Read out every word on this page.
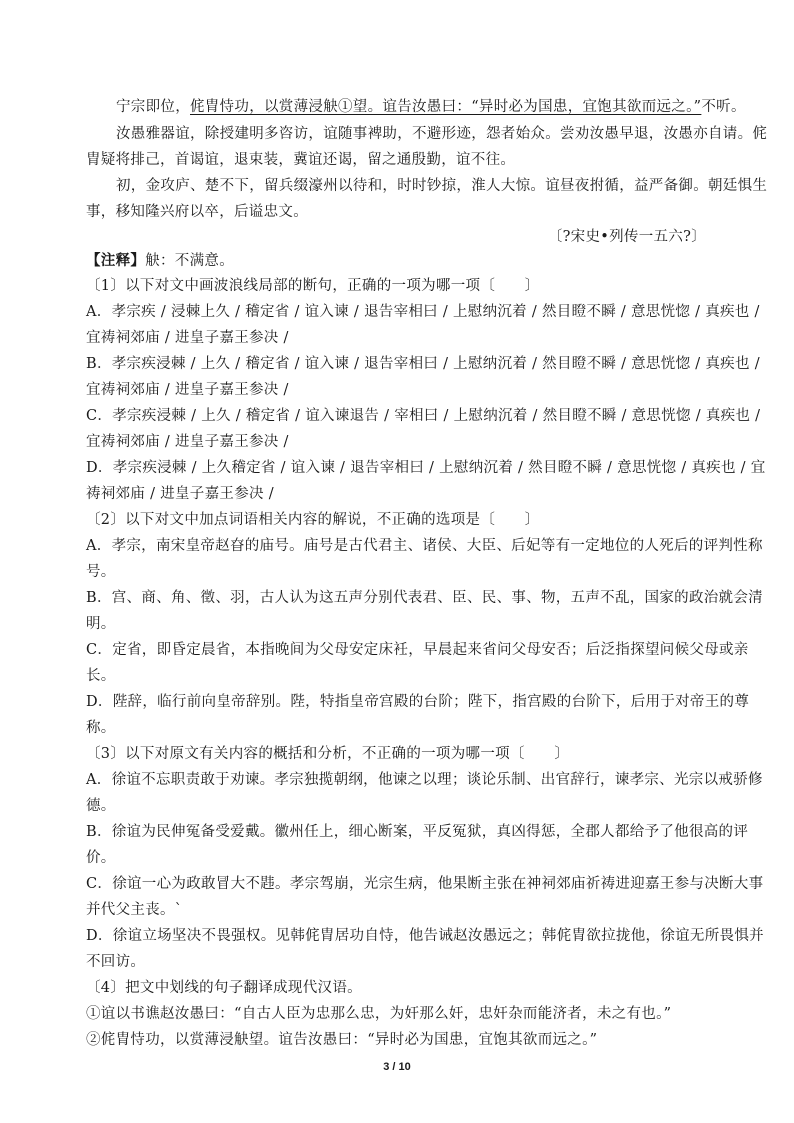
宁宗即位，侂胄恃功，以赏薄浸觖①望。谊告汝愚曰：“异时必为国患，宜饱其欲而远之。”不听。
汝愚雅器谊，除授建明多咨访，谊随事裨助，不避形迹，怨者始众。尝劝汝愚早退，汝愚亦自请。侂
胄疑将排己，首谒谊，退束装，冀谊还谒，留之通殷勤，谊不往。
初，金攻庐、楚不下，留兵缀濠州以待和，时时钞掠，淮人大惊。谊昼夜拊循，益严备御。朝廷惧生
事，移知隆兴府以卒，后谥忠文。
〔?宋史•列传一五六?〕
【注释】觖：不满意。
〔1〕以下对文中画波浪线局部的断句，正确的一项为哪一项〔　　〕
A．孝宗疾 / 浸棘上久 / 稽定省 / 谊入谏 / 退告宰相曰 / 上慰纳沉着 / 然目瞪不瞬 / 意思恍惚 / 真疾也 /
宜祷祠郊庙 / 进皇子嘉王参决 /
B．孝宗疾浸棘 / 上久 / 稽定省 / 谊入谏 / 退告宰相曰 / 上慰纳沉着 / 然目瞪不瞬 / 意思恍惚 / 真疾也 /
宜祷祠郊庙 / 进皇子嘉王参决 /
C．孝宗疾浸棘 / 上久 / 稽定省 / 谊入谏退告 / 宰相曰 / 上慰纳沉着 / 然目瞪不瞬 / 意思恍惚 / 真疾也 /
宜祷祠郊庙 / 进皇子嘉王参决 /
D．孝宗疾浸棘 / 上久稽定省 / 谊入谏 / 退告宰相曰 / 上慰纳沉着 / 然目瞪不瞬 / 意思恍惚 / 真疾也 / 宜
祷祠郊庙 / 进皇子嘉王参决 /
〔2〕以下对文中加点词语相关内容的解说，不正确的选项是〔　　〕
A．孝宗，南宋皇帝赵昚的庙号。庙号是古代君主、诸侯、大臣、后妃等有一定地位的人死后的评判性称
号。
B．宫、商、角、徵、羽，古人认为这五声分别代表君、臣、民、事、物，五声不乱，国家的政治就会清
明。
C．定省，即昏定晨省，本指晚间为父母安定床衽，早晨起来省问父母安否；后泛指探望问候父母或亲
长。
D．陛辞，临行前向皇帝辞别。陛，特指皇帝宫殿的台阶；陛下，指宫殿的台阶下，后用于对帝王的尊
称。
〔3〕以下对原文有关内容的概括和分析，不正确的一项为哪一项〔　　〕
A．徐谊不忘职责敢于劝谏。孝宗独揽朝纲，他谏之以理；谈论乐制、出官辞行，谏孝宗、光宗以戒骄修
德。
B．徐谊为民伸冤备受爱戴。徽州任上，细心断案，平反冤狱，真凶得惩，全郡人都给予了他很高的评
价。
C．徐谊一心为政敢冒大不韪。孝宗驾崩，光宗生病，他果断主张在神祠郊庙祈祷进迎嘉王参与决断大事
并代父主丧。`
D．徐谊立场坚决不畏强权。见韩侂胄居功自恃，他告诫赵汝愚远之；韩侂胄欲拉拢他，徐谊无所畏惧并
不回访。
〔4〕把文中划线的句子翻译成现代汉语。
①谊以书谯赵汝愚曰：“自古人臣为忠那么忠，为奸那么奸，忠奸杂而能济者，未之有也。”
②侂胄恃功，以赏薄浸觖望。谊告汝愚曰：“异时必为国患，宜饱其欲而远之。”
3 / 10
